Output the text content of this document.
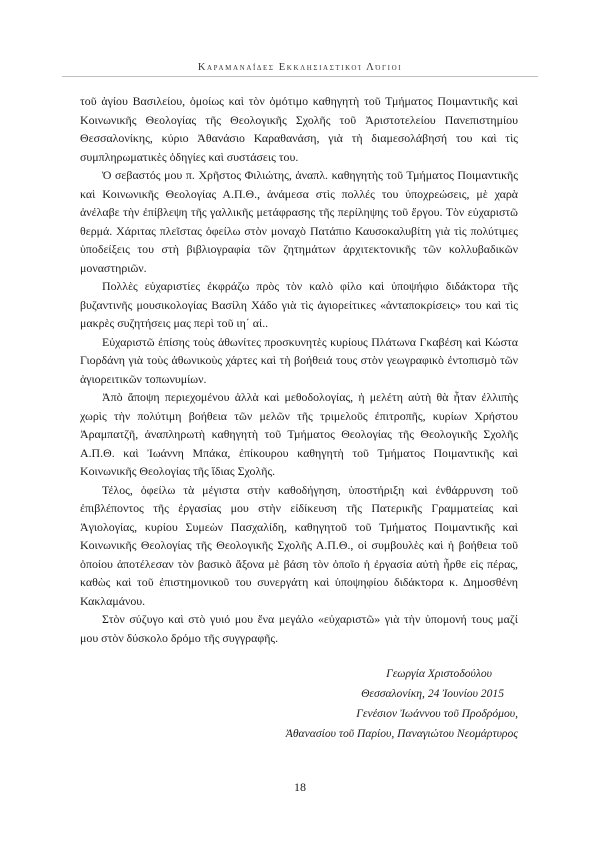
Καραμαναΐδες Εκκλησιαστικοί Λόγιοι

τοῦ ἁγίου Βασιλείου, ὁμοίως καὶ τὸν ὁμότιμο καθηγητὴ τοῦ Τμήματος Ποιμαντικῆς καὶ Κοινωνικῆς Θεολογίας τῆς Θεολογικῆς Σχολῆς τοῦ Ἀριστοτελείου Πανεπιστημίου Θεσσαλονίκης, κύριο Ἀθανάσιο Καραθανάση, γιὰ τὴ διαμεσολάβησή του καὶ τὶς συμπληρωματικὲς ὁδηγίες καὶ συστάσεις του.

Ὁ σεβαστός μου π. Χρῆστος Φιλιώτης, ἀναπλ. καθηγητὴς τοῦ Τμήματος Ποιμαντικῆς καὶ Κοινωνικῆς Θεολογίας Α.Π.Θ., ἀνάμεσα στὶς πολλές του ὑποχρεώσεις, μὲ χαρὰ ἀνέλαβε τὴν ἐπίβλεψη τῆς γαλλικῆς μετάφρασης τῆς περίληψης τοῦ ἔργου. Τὸν εὐχαριστῶ θερμά. Χάριτας πλεῖστας ὀφείλω στὸν μοναχὸ Πατάπιο Καυσοκαλυβίτη γιὰ τὶς πολύτιμες ὑποδείξεις του στὴ βιβλιογραφία τῶν ζητημάτων ἀρχιτεκτονικῆς τῶν κολλυβαδικῶν μοναστηριῶν.

Πολλὲς εὐχαριστίες ἐκφράζω πρὸς τὸν καλὸ φίλο καὶ ὑποψήφιο διδάκτορα τῆς βυζαντινῆς μουσικολογίας Βασίλη Χάδο γιὰ τὶς ἁγιορείτικες «ἀνταποκρίσεις» του καὶ τὶς μακρὲς συζητήσεις μας περὶ τοῦ ιη΄ αἰ..

Εὐχαριστῶ ἐπίσης τοὺς ἀθωνίτες προσκυνητὲς κυρίους Πλάτωνα Γκαβέση καὶ Κώστα Γιορδάνη γιὰ τοὺς ἀθωνικοὺς χάρτες καὶ τὴ βοήθειά τους στὸν γεωγραφικὸ ἐντοπισμὸ τῶν ἁγιορειτικῶν τοπωνυμίων.

Ἀπὸ ἄποψη περιεχομένου ἀλλὰ καὶ μεθοδολογίας, ἡ μελέτη αὐτὴ θὰ ἦταν ἐλλιπὴς χωρὶς τὴν πολύτιμη βοήθεια τῶν μελῶν τῆς τριμελοῦς ἐπιτροπῆς, κυρίων Χρήστου Ἀραμπατζῆ, ἀναπληρωτὴ καθηγητὴ τοῦ Τμήματος Θεολογίας τῆς Θεολογικῆς Σχολῆς Α.Π.Θ. καὶ Ἰωάννη Μπάκα, ἐπίκουρου καθηγητὴ τοῦ Τμήματος Ποιμαντικῆς καὶ Κοινωνικῆς Θεολογίας τῆς ἴδιας Σχολῆς.

Τέλος, ὀφείλω τὰ μέγιστα στὴν καθοδήγηση, ὑποστήριξη καὶ ἐνθάρρυνση τοῦ ἐπιβλέποντος τῆς ἐργασίας μου στὴν εἰδίκευση τῆς Πατερικῆς Γραμματείας καὶ Ἁγιολογίας, κυρίου Συμεὼν Πασχαλίδη, καθηγητοῦ τοῦ Τμήματος Ποιμαντικῆς καὶ Κοινωνικῆς Θεολογίας τῆς Θεολογικῆς Σχολῆς Α.Π.Θ., οἱ συμβουλὲς καὶ ἡ βοήθεια τοῦ ὁποίου ἀποτέλεσαν τὸν βασικὸ ἄξονα μὲ βάση τὸν ὁποῖο ἡ ἐργασία αὐτὴ ἦρθε εἰς πέρας, καθὼς καὶ τοῦ ἐπιστημονικοῦ του συνεργάτη καὶ ὑποψηφίου διδάκτορα κ. Δημοσθένη Κακλαμάνου.

Στὸν σύζυγο καὶ στὸ γυιό μου ἕνα μεγάλο «εὐχαριστῶ» γιὰ τὴν ὑπομονή τους μαζί μου στὸν δύσκολο δρόμο τῆς συγγραφῆς.

Γεωργία Χριστοδούλου
Θεσσαλονίκη, 24 Ἰουνίου 2015
Γενέσιον Ἰωάννου τοῦ Προδρόμου,
Ἀθανασίου τοῦ Παρίου, Παναγιώτου Νεομάρτυρος
18
